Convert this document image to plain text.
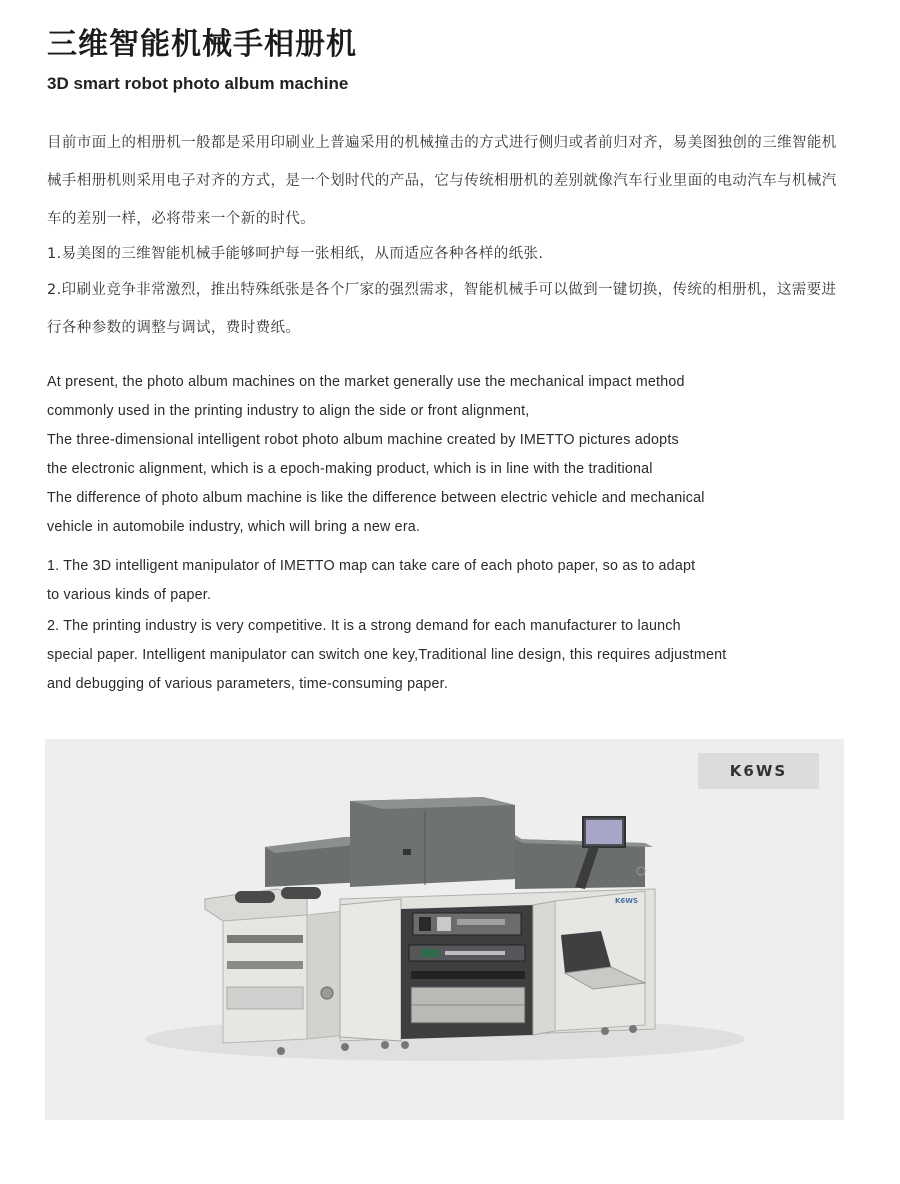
三维智能机械手相册机
3D smart robot photo album machine

目前市面上的相册机一般都是采用印刷业上普遍采用的机械撞击的方式进行侧归或者前归对齐，易美图独创的三维智能机械手相册机则采用电子对齐的方式，是一个划时代的产品，它与传统相册机的差别就像汽车行业里面的电动汽车与机械汽车的差别一样，必将带来一个新的时代。

1.易美图的三维智能机械手能够呵护每一张相纸，从而适应各种各样的纸张.

2.印刷业竞争非常激烈，推出特殊纸张是各个厂家的强烈需求，智能机械手可以做到一键切换，传统的相册机，这需要进行各种参数的调整与调试，费时费纸。

At present, the photo album machines on the market generally use the mechanical impact method
commonly used in the printing industry to align the side or front alignment,
The three-dimensional intelligent robot photo album machine created by IMETTO pictures adopts
the electronic alignment, which is a epoch-making product, which is in line with the traditional
The difference of photo album machine is like the difference between electric vehicle and mechanical
vehicle in automobile industry, which will bring a new era.
1. The 3D intelligent manipulator of IMETTO map can take care of each photo paper, so as to adapt
to various kinds of paper.
2. The printing industry is very competitive. It is a strong demand for each manufacturer to launch
special paper. Intelligent manipulator can switch one key,Traditional line design, this requires adjustment
and debugging of various parameters, time-consuming paper.
K6WS
K6WS
